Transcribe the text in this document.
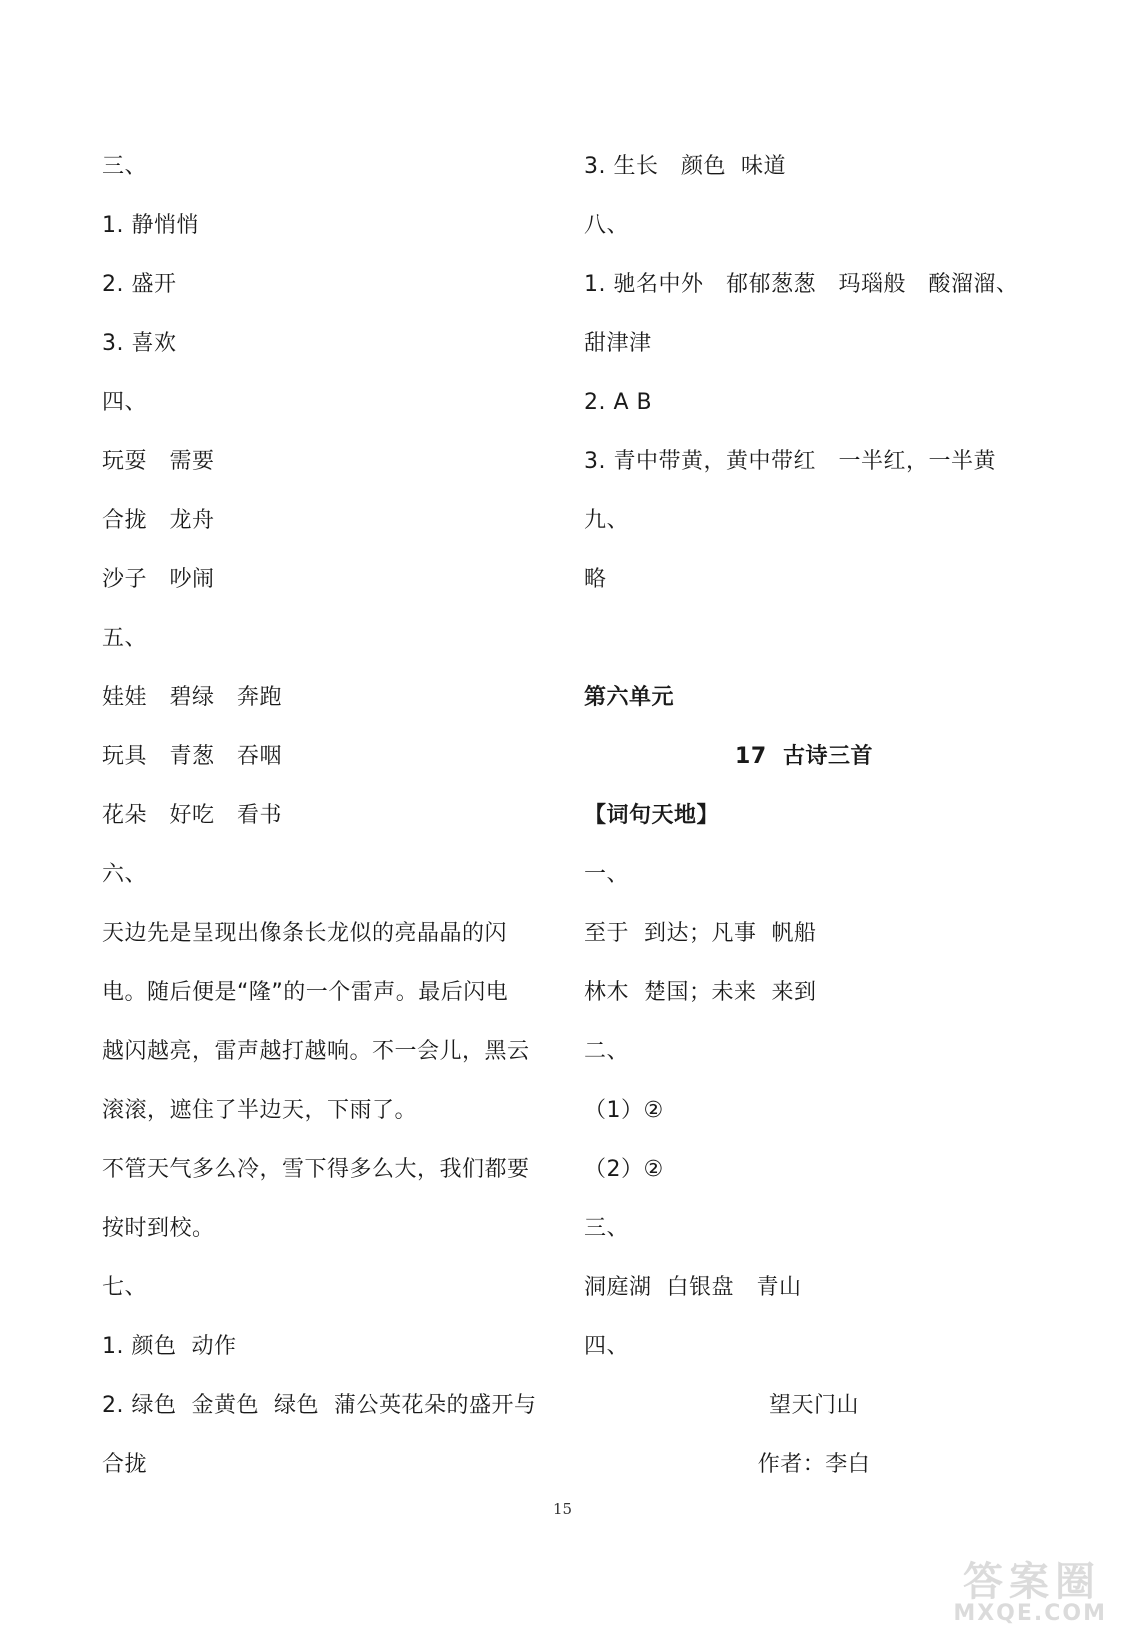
三、
1. 静悄悄
2. 盛开
3. 喜欢
四、
玩耍   需要
合拢   龙舟
沙子   吵闹
五、
娃娃   碧绿   奔跑
玩具   青葱   吞咽
花朵   好吃   看书
六、
天边先是呈现出像条长龙似的亮晶晶的闪
电。随后便是“隆”的一个雷声。最后闪电
越闪越亮，雷声越打越响。不一会儿，黑云
滚滚，遮住了半边天，下雨了。
不管天气多么冷，雪下得多么大，我们都要
按时到校。
七、
1. 颜色  动作
2. 绿色  金黄色  绿色  蒲公英花朵的盛开与
合拢
3. 生长   颜色  味道
八、
1. 驰名中外   郁郁葱葱   玛瑙般   酸溜溜、
甜津津
2. A B
3. 青中带黄，黄中带红   一半红，一半黄
九、
略
第六单元
17  古诗三首
【词句天地】
一、
至于  到达；凡事  帆船
林木  楚国；未来  来到
二、
（1）②
（2）②
三、
洞庭湖  白银盘   青山
四、
望天门山
作者：李白
15
答案圈
MXQE.COM
